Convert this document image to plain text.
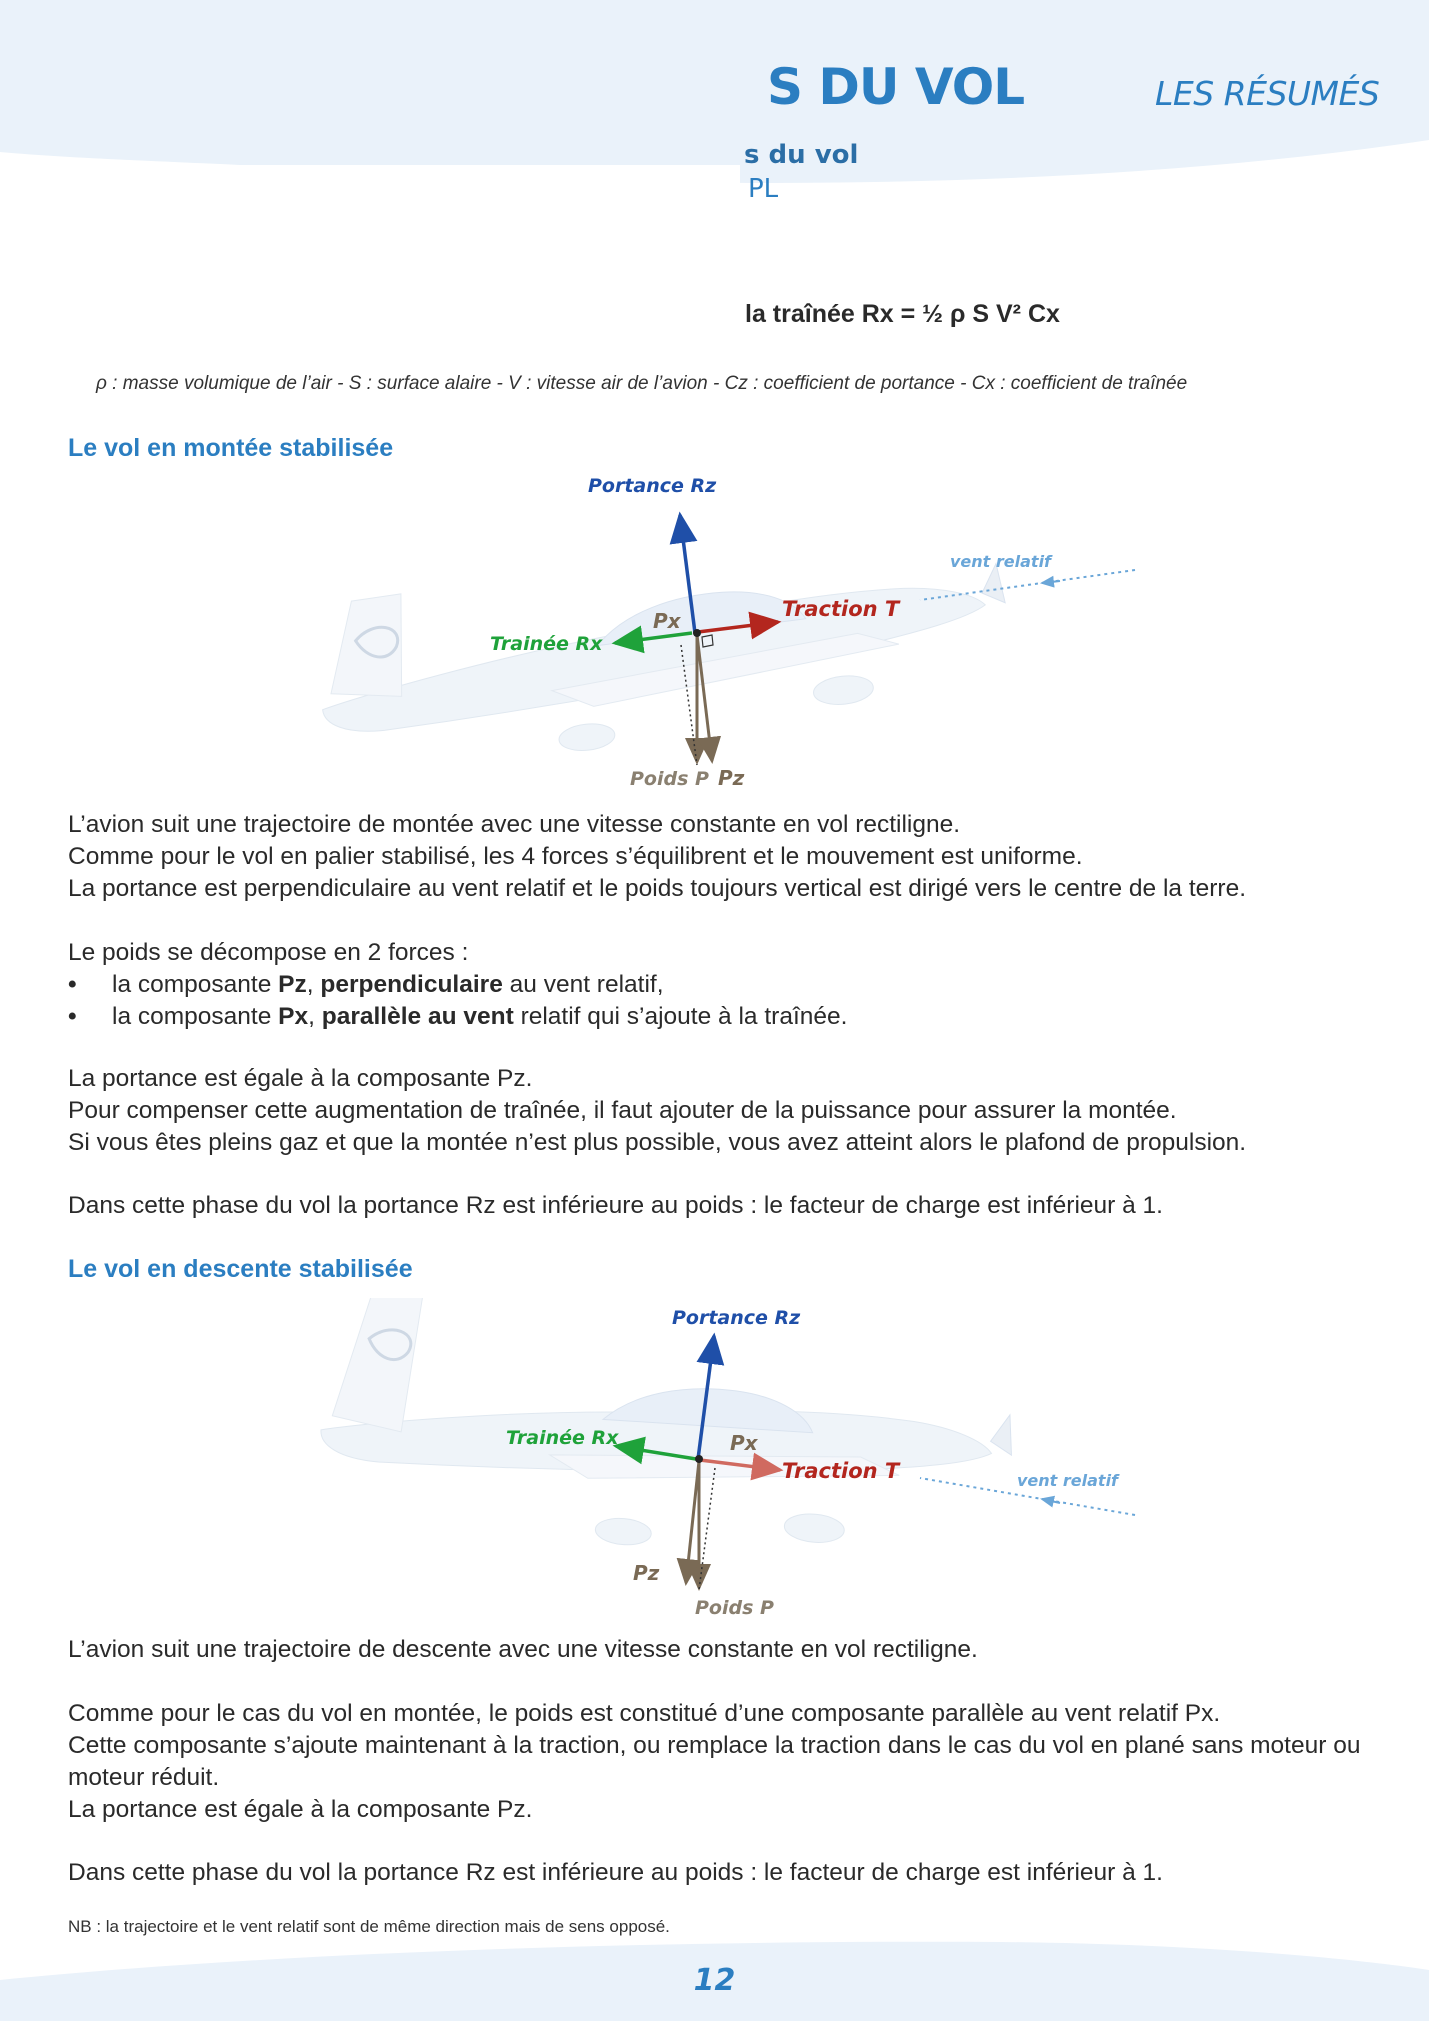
S DU VOL	LES RÉSUMÉS
s du vol
PL
la traînée Rx = ½ ρ S V² Cx
ρ : masse volumique de l’air - S : surface alaire - V : vitesse air de l’avion - Cz : coefficient de portance - Cx : coefficient de traînée
Le vol en montée stabilisée
vent relatif
Portance Rz
Traction T
Trainée Rx
Px
Poids P Pz

L’avion suit une trajectoire de montée avec une vitesse constante en vol rectiligne.

Comme pour le vol en palier stabilisé, les 4 forces s’équilibrent et le mouvement est uniforme.

La portance est perpendiculaire au vent relatif et le poids toujours vertical est dirigé vers le centre de la terre.

Le poids se décompose en 2 forces :

• la composante Pz, perpendiculaire au vent relatif,
• la composante Px, parallèle au vent relatif qui s’ajoute à la traînée.

La portance est égale à la composante Pz.

Pour compenser cette augmentation de traînée, il faut ajouter de la puissance pour assurer la montée.

Si vous êtes pleins gaz et que la montée n’est plus possible, vous avez atteint alors le plafond de propulsion.

Dans cette phase du vol la portance Rz est inférieure au poids : le facteur de charge est inférieur à 1.

Le vol en descente stabilisée
vent relatif
Portance Rz
Traction T
Trainée Rx	Px
Pz
Poids P

L’avion suit une trajectoire de descente avec une vitesse constante en vol rectiligne.

Comme pour le cas du vol en montée, le poids est constitué d’une composante parallèle au vent relatif Px.

Cette composante s’ajoute maintenant à la traction, ou remplace la traction dans le cas du vol en plané sans moteur ou moteur réduit.

La portance est égale à la composante Pz.

Dans cette phase du vol la portance Rz est inférieure au poids : le facteur de charge est inférieur à 1.

NB : la trajectoire et le vent relatif sont de même direction mais de sens opposé.
12
